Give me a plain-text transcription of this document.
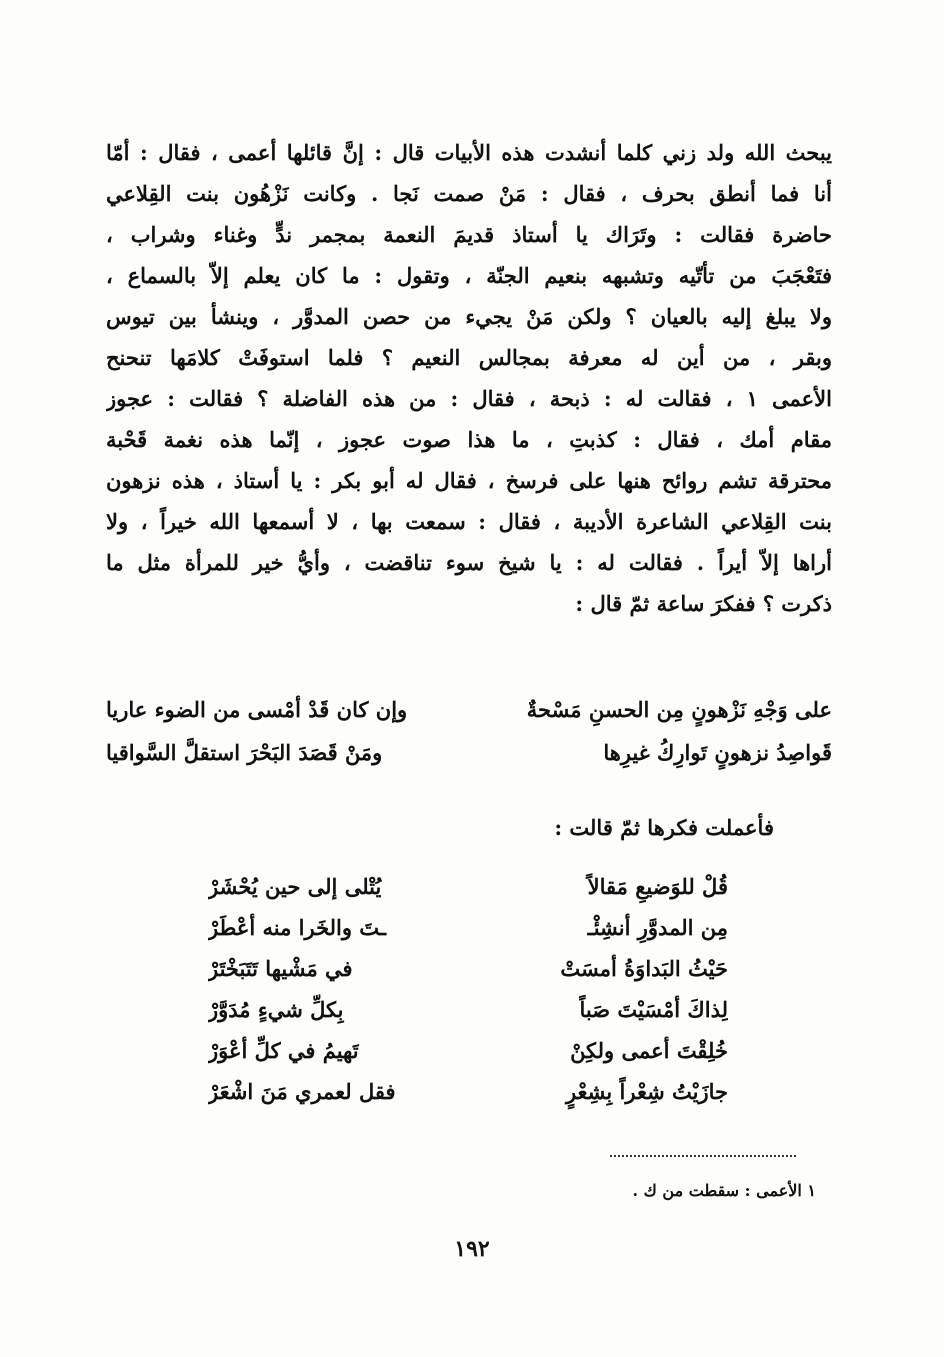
يبحث الله ولد زني كلما أنشدت هذه الأبيات قال : إنَّ قائلها أعمى ، فقال : أمّا
أنا فما أنطق بحرف ، فقال : مَنْ صمت نَجا . وكانت نَزْهُون بنت القِلاعي
حاضرة فقالت : وتَرَاك يا أستاذ قديمَ النعمة بمجمر ندٍّ وغناء وشراب ،
فتَعْجَبَ من تأتّيه وتشبهه بنعيم الجنّة ، وتقول : ما كان يعلم إلاّ بالسماع ،
ولا يبلغ إليه بالعيان ؟ ولكن مَنْ يجيء من حصن المدوَّر ، وينشأ بين تيوس
وبقر ، من أين له معرفة بمجالس النعيم ؟ فلما استوفَتْ كلامَها تنحنح
الأعمى ١ ، فقالت له : ذبحة ، فقال : من هذه الفاضلة ؟ فقالت : عجوز
مقام أمك ، فقال : كذبتِ ، ما هذا صوت عجوز ، إنّما هذه نغمة قَحْبة
محترقة تشم روائح هنها على فرسخ ، فقال له أبو بكر : يا أستاذ ، هذه نزهون
بنت القِلاعي الشاعرة الأديبة ، فقال : سمعت بها ، لا أسمعها الله خيراً ، ولا
أراها إلاّ أيراً . فقالت له : يا شيخ سوء تناقضت ، وأيُّ خير للمرأة مثل ما
ذكرت ؟ ففكرَ ساعة ثمّ قال :
على وَجْهِ نَزْهونٍ مِن الحسنِ مَسْحةٌ
وإن كان قَدْ أمْسى من الضوء عاريا
قَواصِدُ نزهونٍ تَوارِكُ غيرِها
ومَنْ قَصَدَ البَحْرَ استقلَّ السَّواقيا
فأعملت فكرها ثمّ قالت :
قُلْ للوَضيعِ مَقالاً
يُتْلى إلى حين يُحْشَرْ
مِن المدوَّرِ أنشِئْـ
ـتَ والخَرا منه أعْطَرْ
حَيْثُ البَداوَةُ أمسَتْ
في مَشْيها تَتَبَخْتَرْ
لِذاكَ أمْسَيْتَ صَباً
بِكلِّ شيءٍ مُدَوَّرْ
خُلِقْتَ أعمى ولكِنْ
تَهيمُ في كلِّ أعْوَرْ
جازَيْتُ شِعْراً بِشِعْرٍ
فقل لعمري مَنَ اشْعَرْ
١ الأعمى : سقطت من ك .
١٩٢
